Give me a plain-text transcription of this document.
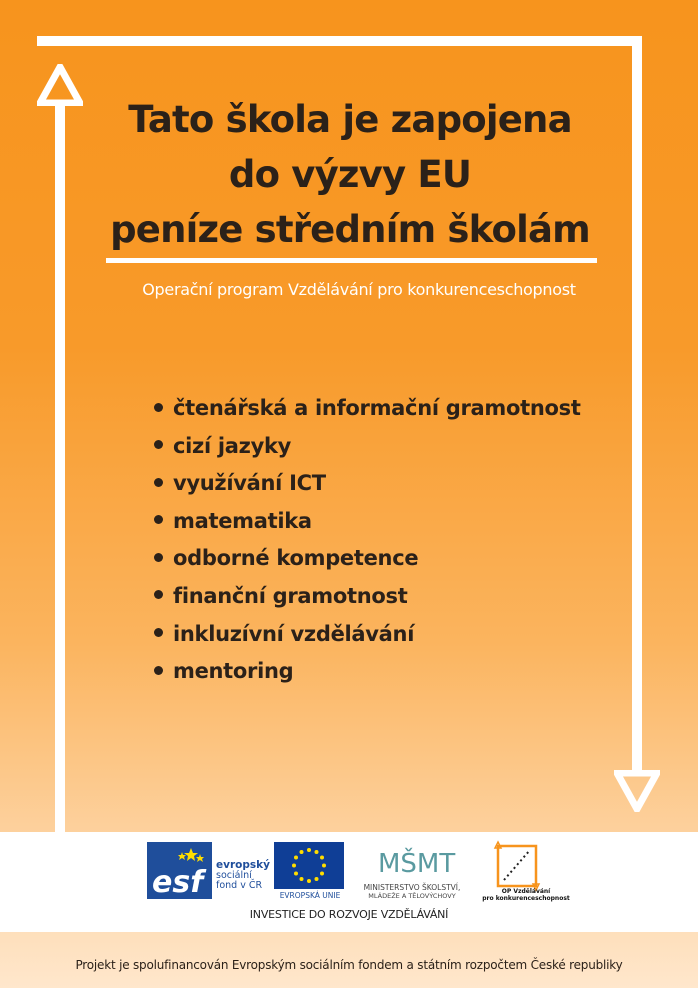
Tato škola je zapojena
do výzvy EU
peníze středním školám
Operační program Vzdělávání pro konkurenceschopnost
čtenářská a informační gramotnost
cizí jazyky
využívání ICT
matematika
odborné kompetence
finanční gramotnost
inkluzívní vzdělávání
mentoring
esf	evropský
sociální
fond v ČR
EVROPSKÁ UNIE
MŠMT
MINISTERSTVO ŠKOLSTVÍ,
MLÁDEŽE A TĚLOVÝCHOVY
OP Vzdělávání
pro konkurenceschopnost
INVESTICE DO ROZVOJE VZDĚLÁVÁNÍ
Projekt je spolufinancován Evropským sociálním fondem a státním rozpočtem České republiky
